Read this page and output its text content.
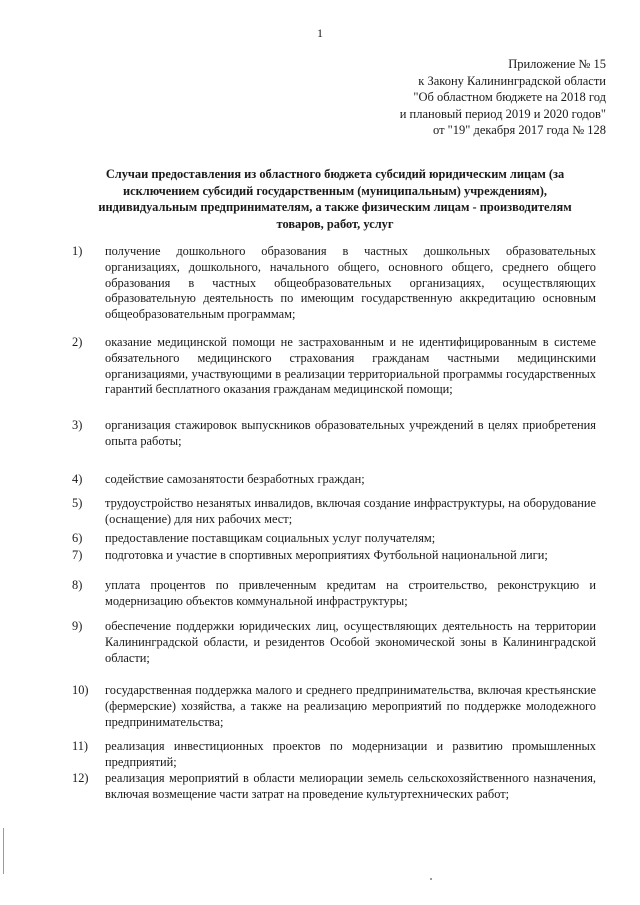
1
Приложение № 15
к Закону Калининградской области
"Об областном бюджете на 2018 год
и плановый период 2019 и 2020 годов"
от "19" декабря 2017 года № 128
Случаи предоставления из областного бюджета субсидий юридическим лицам (за
исключением субсидий государственным (муниципальным) учреждениям),
индивидуальным предпринимателям, а также физическим лицам - производителям
товаров, работ, услуг
1) получение дошкольного образования в частных дошкольных образовательных организациях, дошкольного, начального общего, основного общего, среднего общего образования в частных общеобразовательных организациях, осуществляющих образовательную деятельность по имеющим государственную аккредитацию основным общеобразовательным программам;
2) оказание медицинской помощи не застрахованным и не идентифицированным в системе обязательного медицинского страхования гражданам частными медицинскими организациями, участвующими в реализации территориальной программы государственных гарантий бесплатного оказания гражданам медицинской помощи;
3) организация стажировок выпускников образовательных учреждений в целях приобретения опыта работы;
4) содействие самозанятости безработных граждан;
5) трудоустройство незанятых инвалидов, включая создание инфраструктуры, на оборудование (оснащение) для них рабочих мест;
6) предоставление поставщикам социальных услуг получателям;
7) подготовка и участие в спортивных мероприятиях Футбольной национальной лиги;
8) уплата процентов по привлеченным кредитам на строительство, реконструкцию и модернизацию объектов коммунальной инфраструктуры;
9) обеспечение поддержки юридических лиц, осуществляющих деятельность на территории Калининградской области, и резидентов Особой экономической зоны в Калининградской области;
10) государственная поддержка малого и среднего предпринимательства, включая крестьянские (фермерские) хозяйства, а также на реализацию мероприятий по поддержке молодежного предпринимательства;
11) реализация инвестиционных проектов по модернизации и развитию промышленных предприятий;
12) реализация мероприятий в области мелиорации земель сельскохозяйственного назначения, включая возмещение части затрат на проведение культуртехнических работ;
